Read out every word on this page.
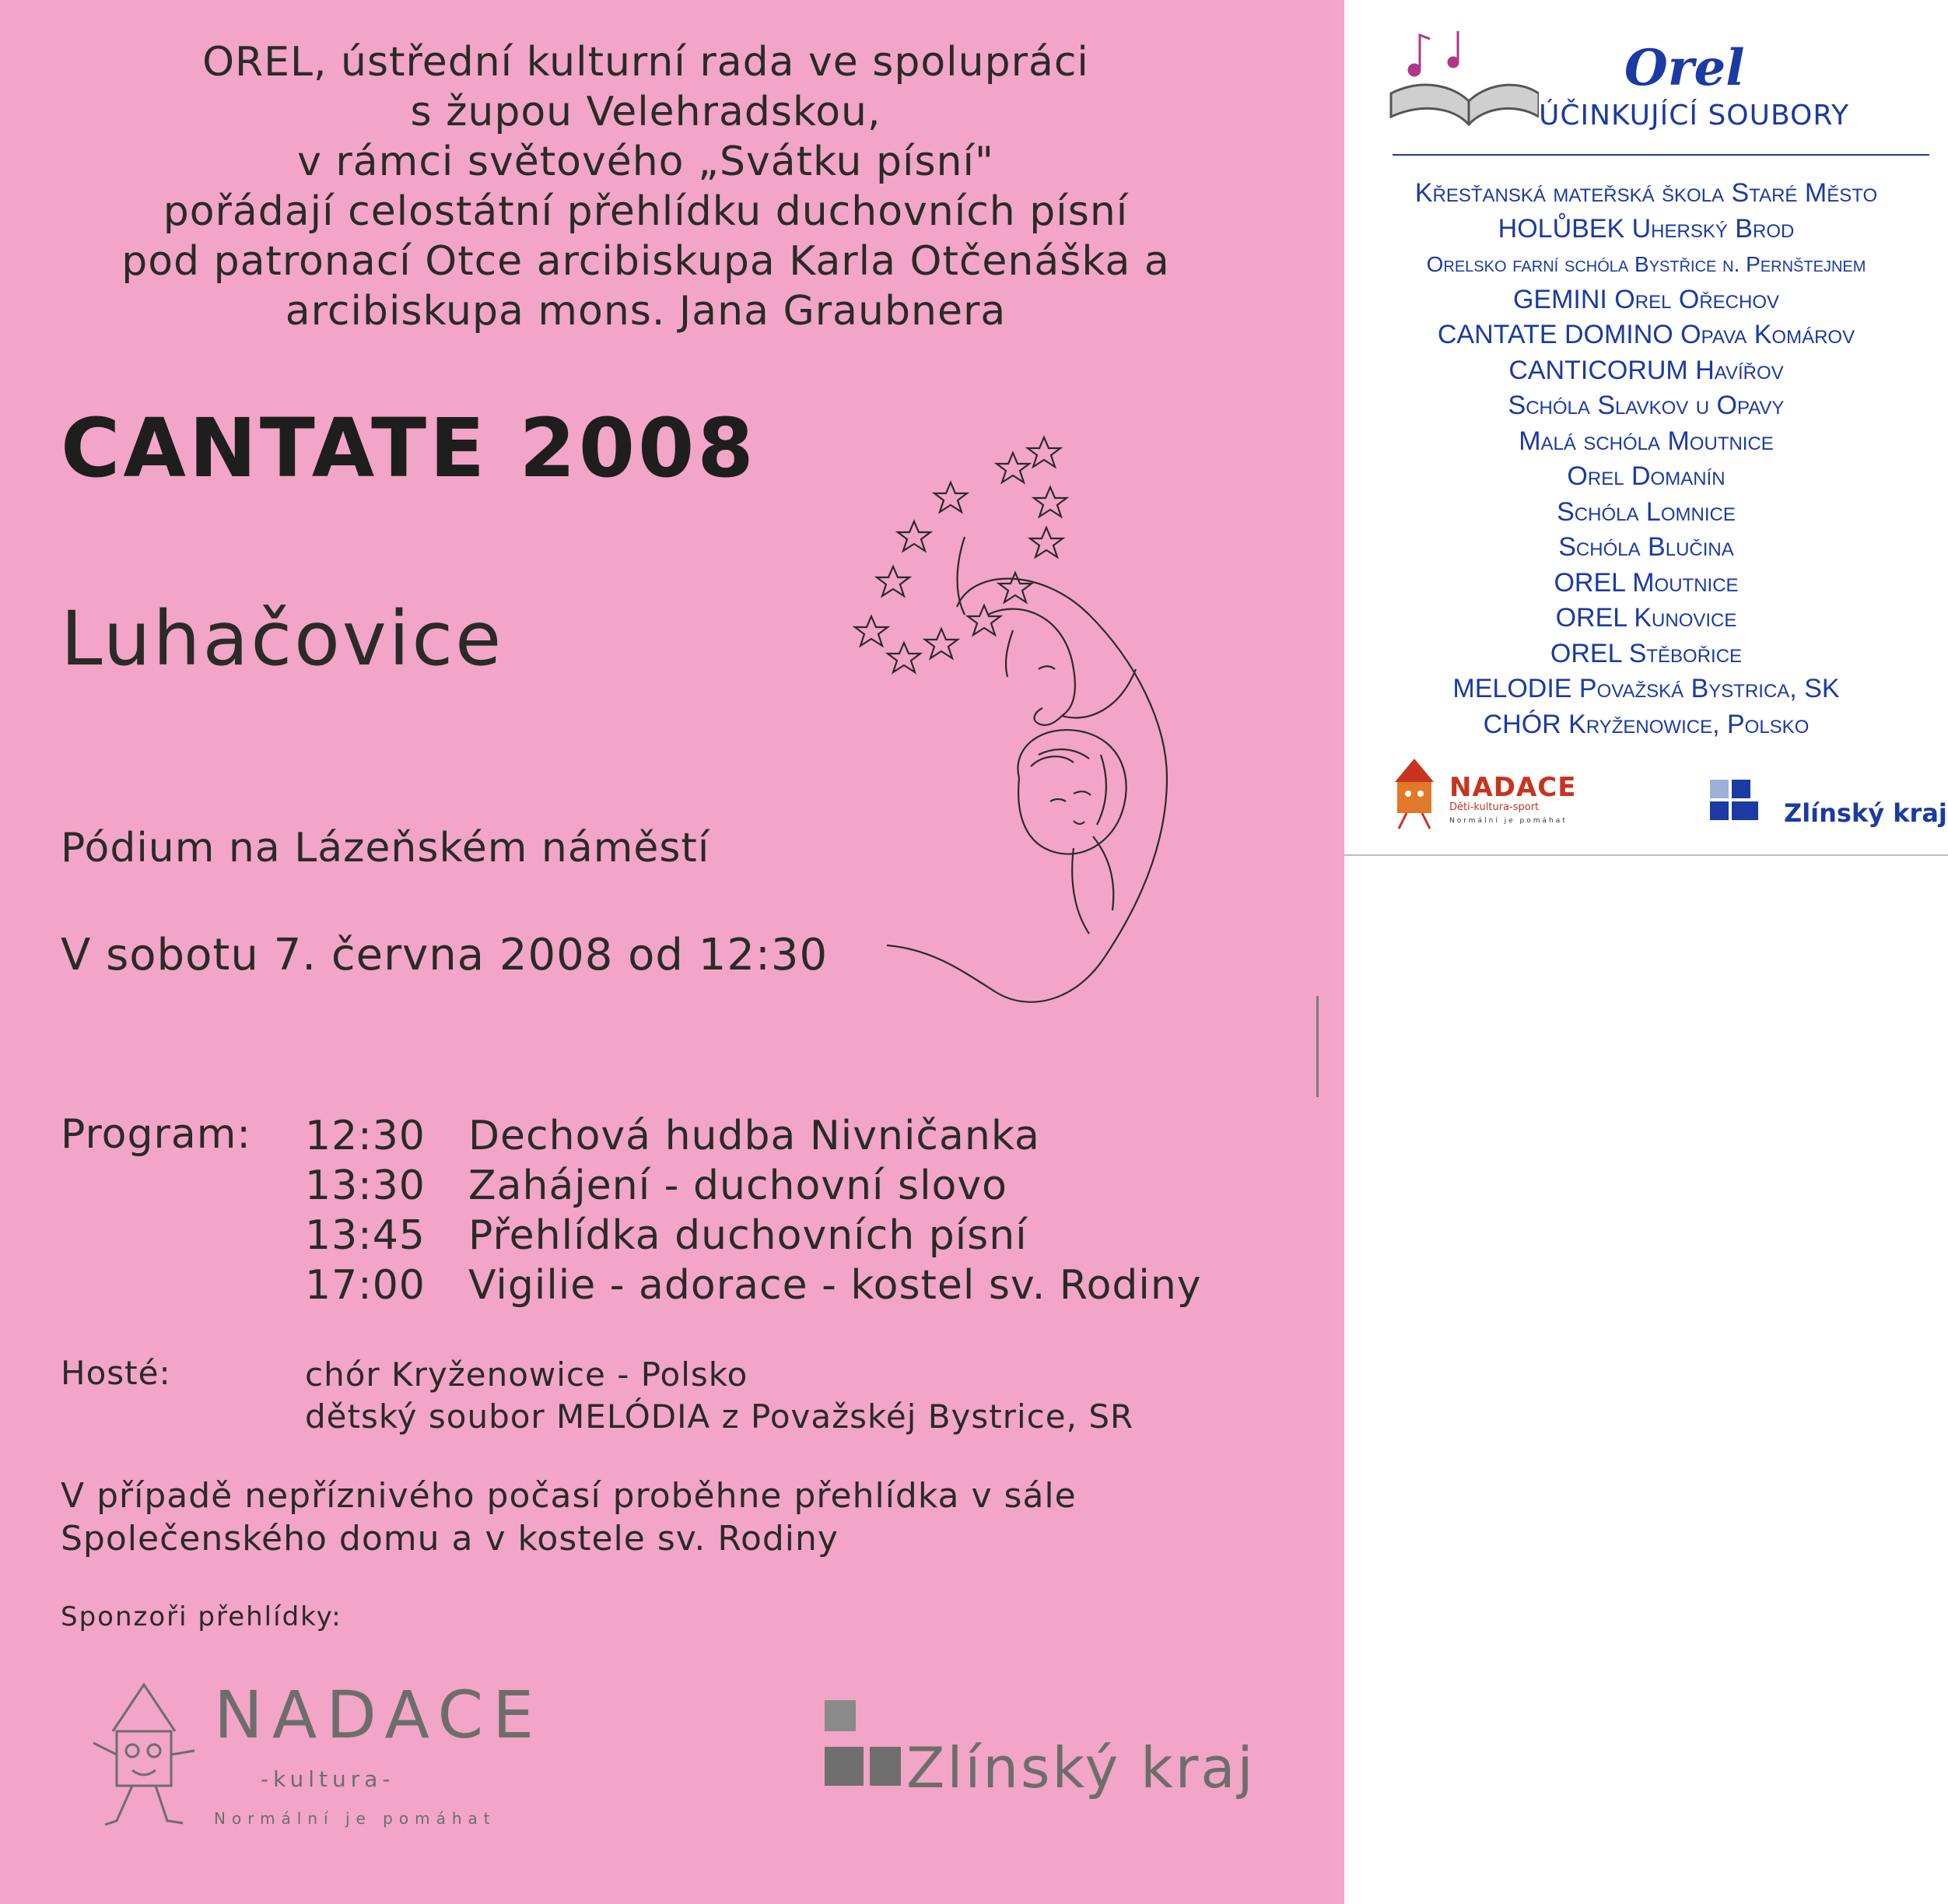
OREL, ústřední kulturní rada ve spolupráci
s župou Velehradskou,
v rámci světového „Svátku písní"
pořádají celostátní přehlídku duchovních písní
pod patronací Otce arcibiskupa Karla Otčenáška a
arcibiskupa mons. Jana Graubnera
CANTATE 2008
Luhačovice
Pódium na Lázeňském náměstí
V sobotu 7. června 2008 od 12:30
Program: 12:30 Dechová hudba Nivničanka
13:30 Zahájení - duchovní slovo
13:45 Přehlídka duchovních písní
17:00 Vigilie - adorace - kostel sv. Rodiny
Hosté:	chór Kryženowice - Polsko
dětský soubor MELÓDIA z Považskéj Bystrice, SR
V případě nepříznivého počasí proběhne přehlídka v sále
Společenského domu a v kostele sv. Rodiny
Sponzoři přehlídky:
NADACE
-kultura-
Normální je pomáhat
Zlínský kraj
Orel
ÚČINKUJÍCÍ SOUBORY
Křesťanská mateřská škola Staré Město
HOLŮBEK Uherský Brod
Orelsko farní schóla Bystřice n. Pernštejnem
GEMINI Orel Ořechov
CANTATE DOMINO Opava Komárov
CANTICORUM Havířov
Schóla Slavkov u Opavy
Malá schóla Moutnice
Orel Domanín
Schóla Lomnice
Schóla Blučina
OREL Moutnice
OREL Kunovice
OREL Stěbořice
MELODIE Považská Bystrica, SK
CHÓR Kryženowice, Polsko
NADACE
Děti-kultura-sport
Normální je pomáhat	Zlínský kraj
